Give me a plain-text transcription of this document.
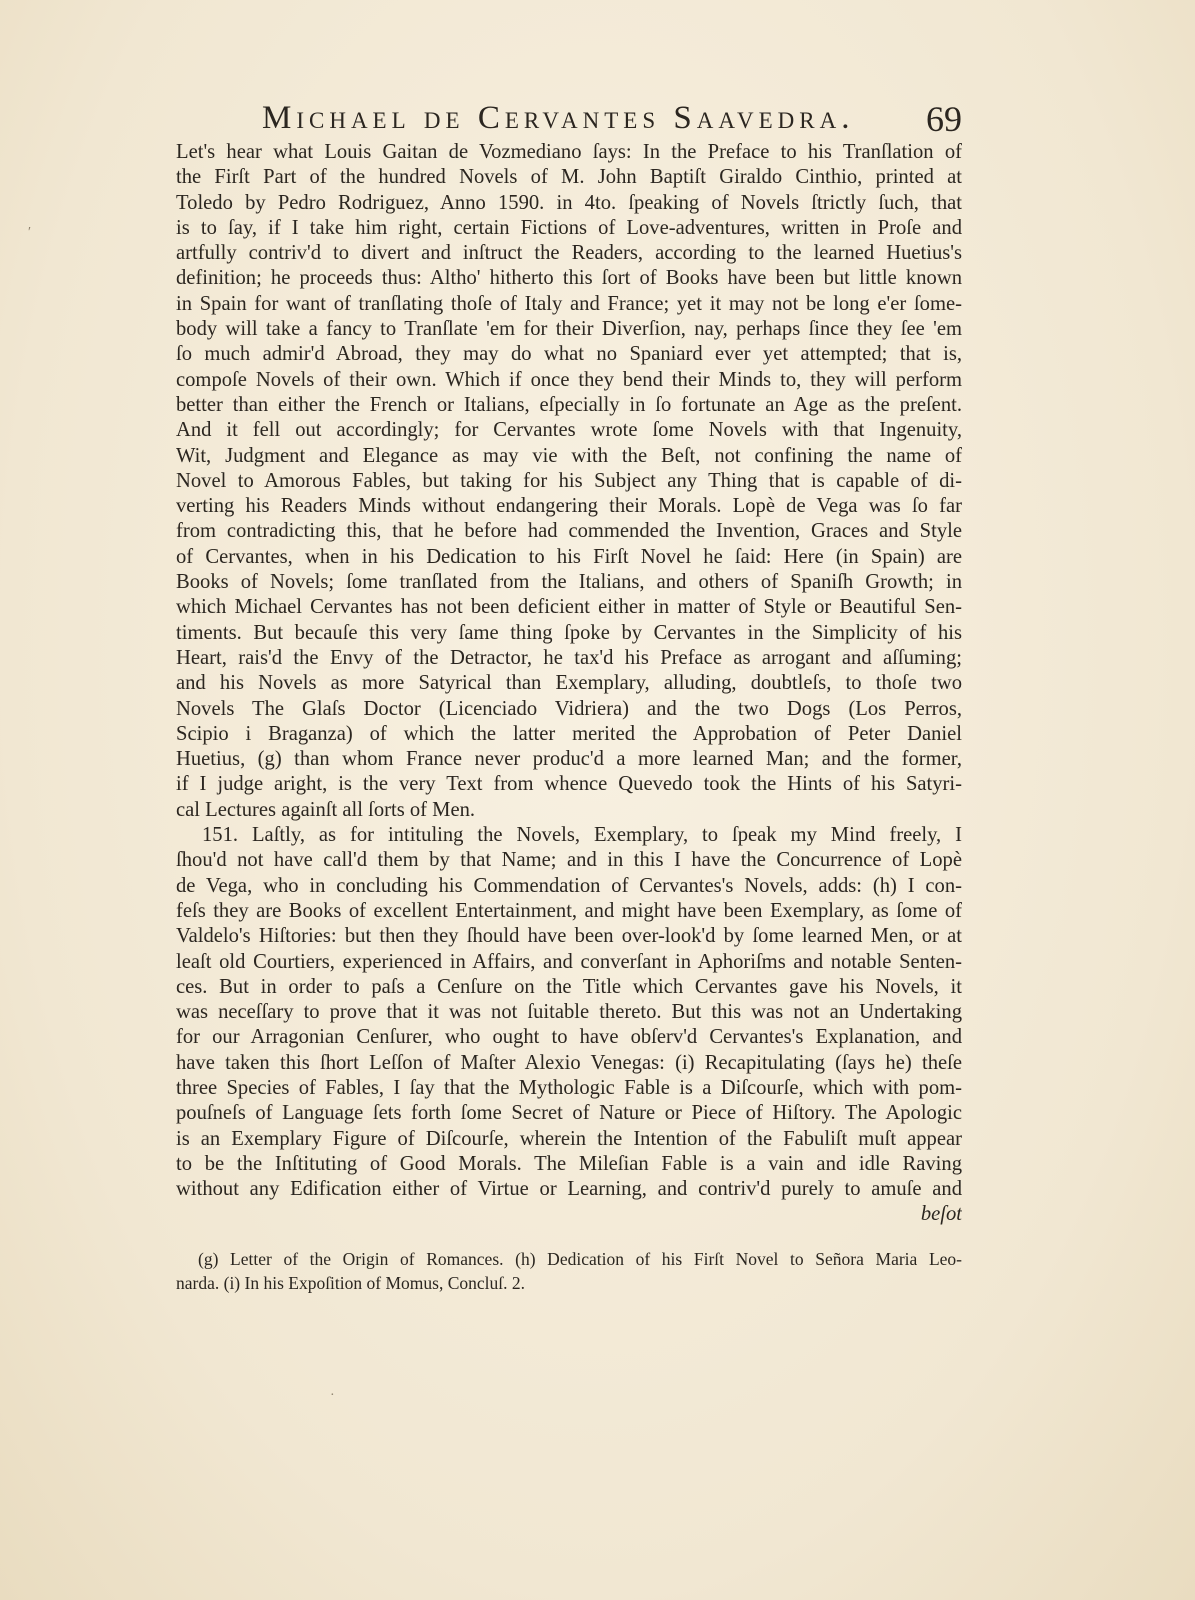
Michael de Cervantes Saavedra. 69
Let's hear what Louis Gaitan de Vozmediano ſays: In the Preface to his Tranſlation of
the Firſt Part of the hundred Novels of M. John Baptiſt Giraldo Cinthio, printed at
Toledo by Pedro Rodriguez, Anno 1590. in 4to. ſpeaking of Novels ſtrictly ſuch, that
is to ſay, if I take him right, certain Fictions of Love-adventures, written in Proſe and
artfully contriv'd to divert and inſtruct the Readers, according to the learned Huetius's
definition; he proceeds thus: Altho' hitherto this ſort of Books have been but little known
in Spain for want of tranſlating thoſe of Italy and France; yet it may not be long e'er ſome-
body will take a fancy to Tranſlate 'em for their Diverſion, nay, perhaps ſince they ſee 'em
ſo much admir'd Abroad, they may do what no Spaniard ever yet attempted; that is,
compoſe Novels of their own. Which if once they bend their Minds to, they will perform
better than either the French or Italians, eſpecially in ſo fortunate an Age as the preſent.
And it fell out accordingly; for Cervantes wrote ſome Novels with that Ingenuity,
Wit, Judgment and Elegance as may vie with the Beſt, not confining the name of
Novel to Amorous Fables, but taking for his Subject any Thing that is capable of di-
verting his Readers Minds without endangering their Morals. Lopè de Vega was ſo far
from contradicting this, that he before had commended the Invention, Graces and Style
of Cervantes, when in his Dedication to his Firſt Novel he ſaid: Here (in Spain) are
Books of Novels; ſome tranſlated from the Italians, and others of Spaniſh Growth; in
which Michael Cervantes has not been deficient either in matter of Style or Beautiful Sen-
timents. But becauſe this very ſame thing ſpoke by Cervantes in the Simplicity of his
Heart, rais'd the Envy of the Detractor, he tax'd his Preface as arrogant and aſſuming;
and his Novels as more Satyrical than Exemplary, alluding, doubtleſs, to thoſe two
Novels The Glaſs Doctor (Licenciado Vidriera) and the two Dogs (Los Perros,
Scipio i Braganza) of which the latter merited the Approbation of Peter Daniel
Huetius, (g) than whom France never produc'd a more learned Man; and the former,
if I judge aright, is the very Text from whence Quevedo took the Hints of his Satyri-
cal Lectures againſt all ſorts of Men.
151. Laſtly, as for intituling the Novels, Exemplary, to ſpeak my Mind freely, I
ſhou'd not have call'd them by that Name; and in this I have the Concurrence of Lopè
de Vega, who in concluding his Commendation of Cervantes's Novels, adds: (h) I con-
feſs they are Books of excellent Entertainment, and might have been Exemplary, as ſome of
Valdelo's Hiſtories: but then they ſhould have been over-look'd by ſome learned Men, or at
leaſt old Courtiers, experienced in Affairs, and converſant in Aphoriſms and notable Senten-
ces. But in order to paſs a Cenſure on the Title which Cervantes gave his Novels, it
was neceſſary to prove that it was not ſuitable thereto. But this was not an Undertaking
for our Arragonian Cenſurer, who ought to have obſerv'd Cervantes's Explanation, and
have taken this ſhort Leſſon of Maſter Alexio Venegas: (i) Recapitulating (ſays he) theſe
three Species of Fables, I ſay that the Mythologic Fable is a Diſcourſe, which with pom-
pouſneſs of Language ſets forth ſome Secret of Nature or Piece of Hiſtory. The Apologic
is an Exemplary Figure of Diſcourſe, wherein the Intention of the Fabuliſt muſt appear
to be the Inſtituting of Good Morals. The Mileſian Fable is a vain and idle Raving
without any Edification either of Virtue or Learning, and contriv'd purely to amuſe and
beſot
(g) Letter of the Origin of Romances. (h) Dedication of his Firſt Novel to Señora Maria Leo-
narda. (i) In his Expoſition of Momus, Concluſ. 2.
′
·
